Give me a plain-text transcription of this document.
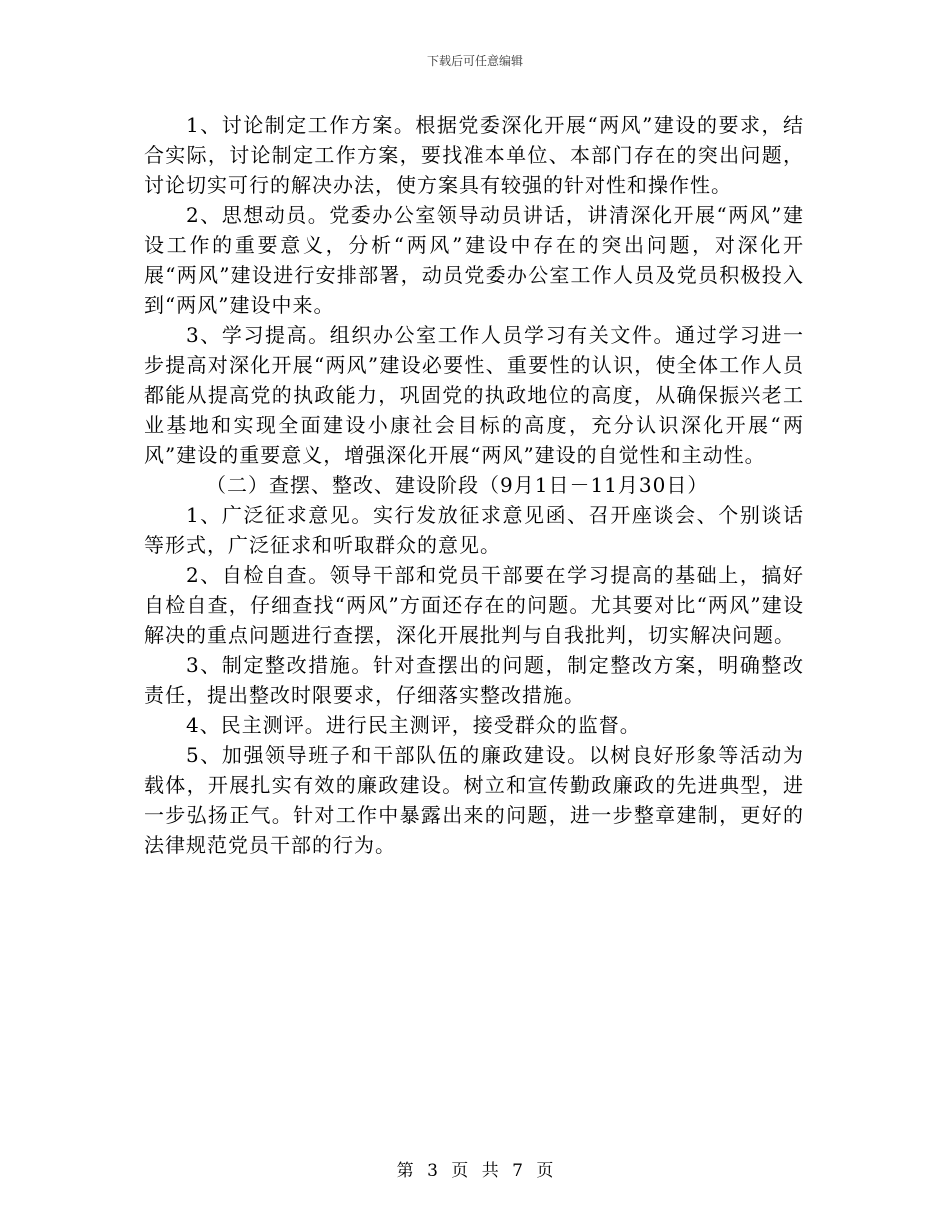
下载后可任意编辑

1、讨论制定工作方案。根据党委深化开展“两风”建设的要求，结合实际，讨论制定工作方案，要找准本单位、本部门存在的突出问题，讨论切实可行的解决办法，使方案具有较强的针对性和操作性。

2、思想动员。党委办公室领导动员讲话，讲清深化开展“两风”建设工作的重要意义，分析“两风”建设中存在的突出问题，对深化开展“两风”建设进行安排部署，动员党委办公室工作人员及党员积极投入到“两风”建设中来。

3、学习提高。组织办公室工作人员学习有关文件。通过学习进一步提高对深化开展“两风”建设必要性、重要性的认识，使全体工作人员都能从提高党的执政能力，巩固党的执政地位的高度，从确保振兴老工业基地和实现全面建设小康社会目标的高度，充分认识深化开展“两风”建设的重要意义，增强深化开展“两风”建设的自觉性和主动性。

（二）查摆、整改、建设阶段（9月1日－11月30日）

1、广泛征求意见。实行发放征求意见函、召开座谈会、个别谈话等形式，广泛征求和听取群众的意见。

2、自检自查。领导干部和党员干部要在学习提高的基础上，搞好自检自查，仔细查找“两风”方面还存在的问题。尤其要对比“两风”建设解决的重点问题进行查摆，深化开展批判与自我批判，切实解决问题。

3、制定整改措施。针对查摆出的问题，制定整改方案，明确整改责任，提出整改时限要求，仔细落实整改措施。

4、民主测评。进行民主测评，接受群众的监督。

5、加强领导班子和干部队伍的廉政建设。以树良好形象等活动为载体，开展扎实有效的廉政建设。树立和宣传勤政廉政的先进典型，进一步弘扬正气。针对工作中暴露出来的问题，进一步整章建制，更好的法律规范党员干部的行为。

第 3 页 共 7 页
